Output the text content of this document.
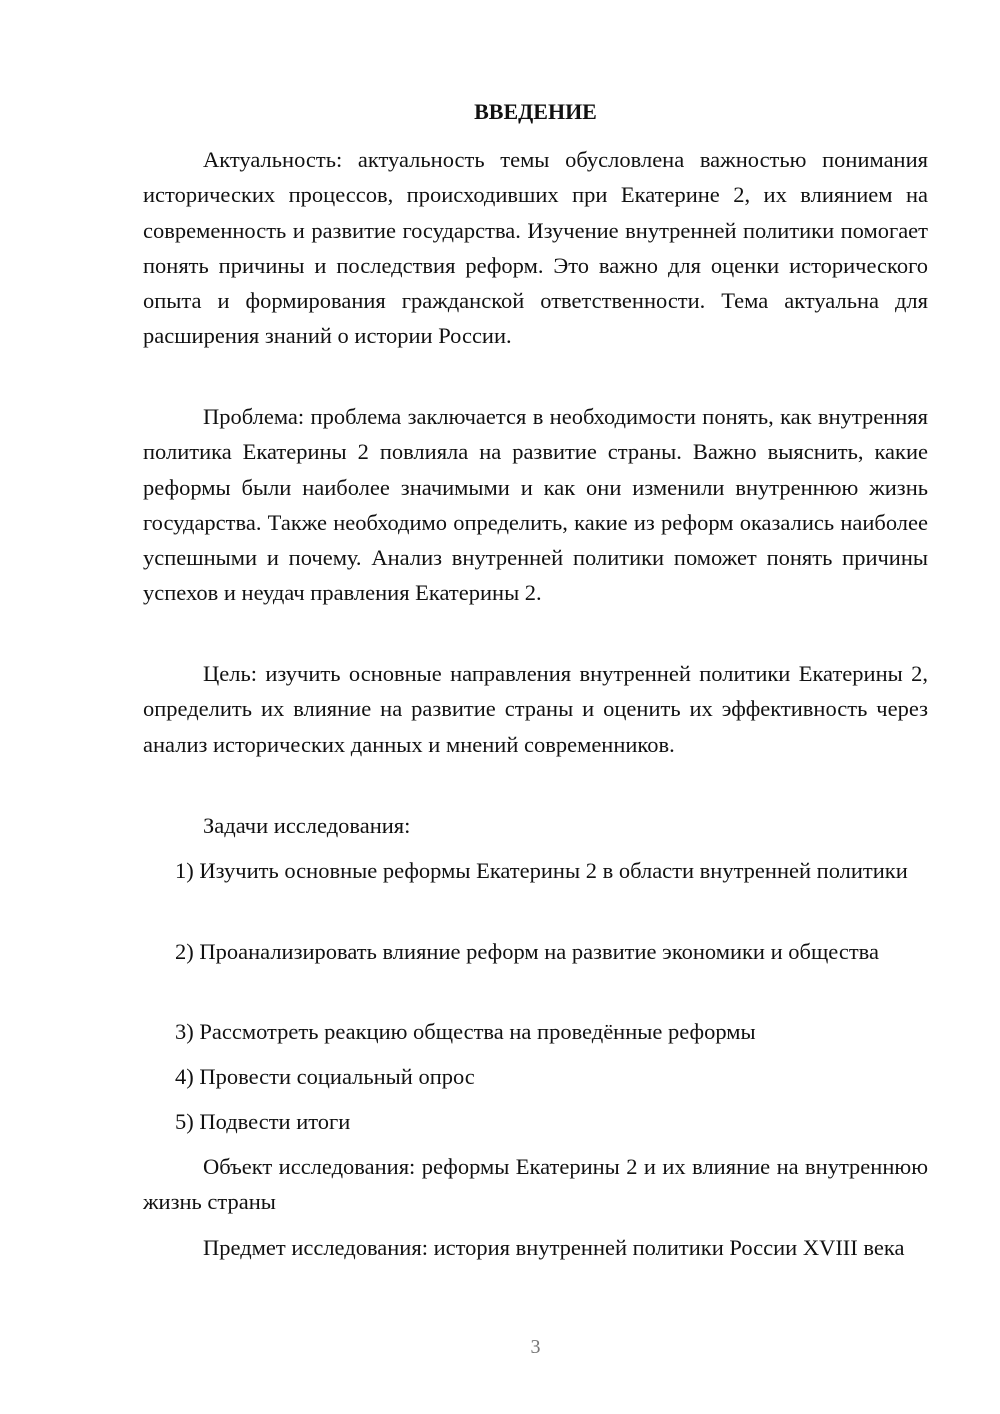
ВВЕДЕНИЕ

Актуальность: актуальность темы обусловлена важностью понимания исторических процессов, происходивших при Екатерине 2, их влиянием на современность и развитие государства. Изучение внутренней политики помогает понять причины и последствия реформ. Это важно для оценки исторического опыта и формирования гражданской ответственности. Тема актуальна для расширения знаний о истории России.

Проблема: проблема заключается в необходимости понять, как внутренняя политика Екатерины 2 повлияла на развитие страны. Важно выяснить, какие реформы были наиболее значимыми и как они изменили внутреннюю жизнь государства. Также необходимо определить, какие из реформ оказались наиболее успешными и почему. Анализ внутренней политики поможет понять причины успехов и неудач правления Екатерины 2.

Цель: изучить основные направления внутренней политики Екатерины 2, определить их влияние на развитие страны и оценить их эффективность через анализ исторических данных и мнений современников.

Задачи исследования:

1) Изучить основные реформы Екатерины 2 в области внутренней политики

2) Проанализировать влияние реформ на развитие экономики и общества

3) Рассмотреть реакцию общества на проведённые реформы

4) Провести социальный опрос

5) Подвести итоги

Объект исследования: реформы Екатерины 2 и их влияние на внутреннюю жизнь страны

Предмет исследования: история внутренней политики России XVIII века

3
